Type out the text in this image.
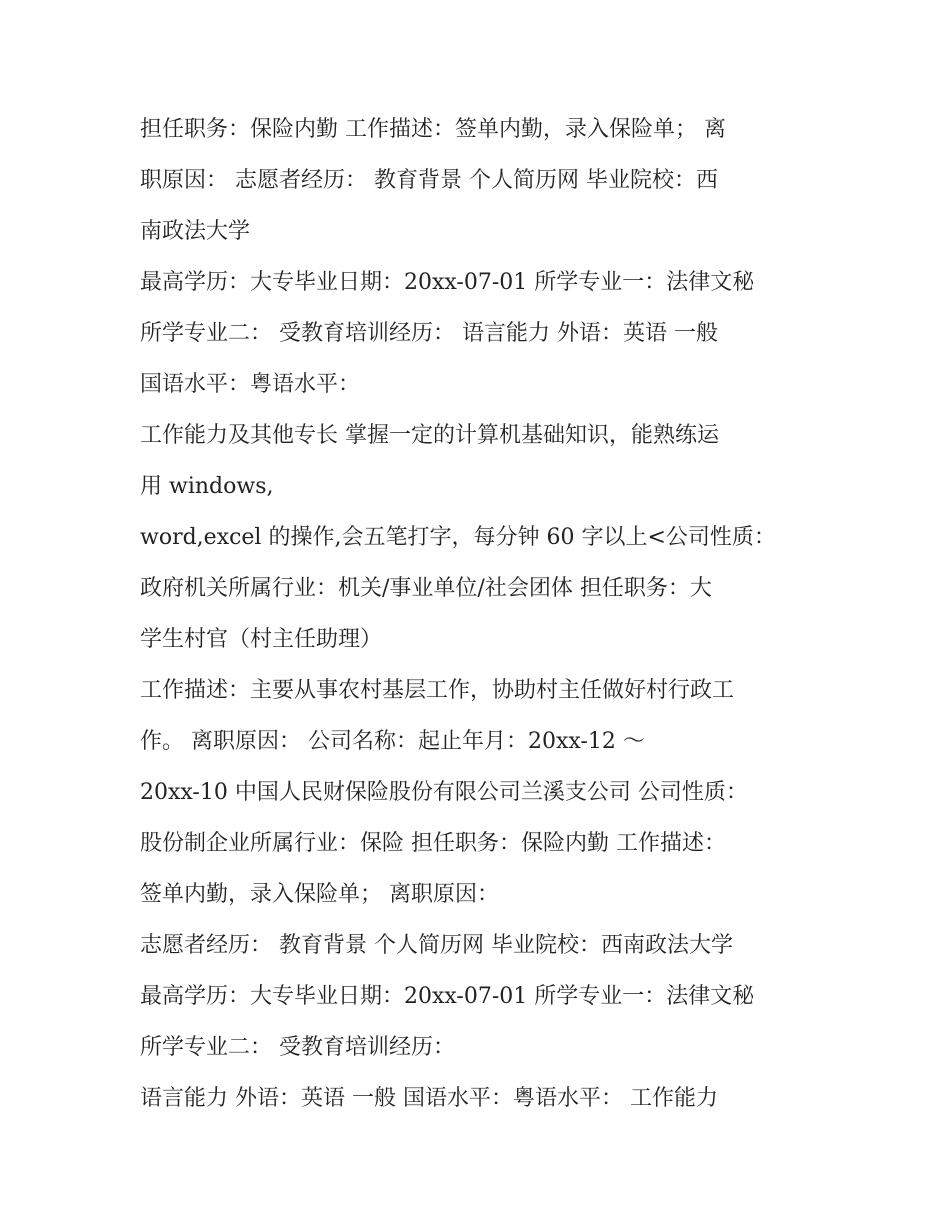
担任职务：保险内勤 工作描述：签单内勤，录入保险单； 离
职原因： 志愿者经历： 教育背景 个人简历网 毕业院校：西
南政法大学
最高学历：大专毕业日期：20xx-07-01 所学专业一：法律文秘
所学专业二： 受教育培训经历： 语言能力 外语：英语 一般
国语水平：粤语水平：
工作能力及其他专长 掌握一定的计算机基础知识，能熟练运
用 windows,
word,excel 的操作,会五笔打字，每分钟 60 字以上<公司性质：
政府机关所属行业：机关/事业单位/社会团体 担任职务：大
学生村官（村主任助理）
工作描述：主要从事农村基层工作，协助村主任做好村行政工
作。 离职原因： 公司名称：起止年月：20xx-12 ～
20xx-10 中国人民财保险股份有限公司兰溪支公司 公司性质：
股份制企业所属行业：保险 担任职务：保险内勤 工作描述：
签单内勤，录入保险单； 离职原因：
志愿者经历： 教育背景 个人简历网 毕业院校：西南政法大学
最高学历：大专毕业日期：20xx-07-01 所学专业一：法律文秘
所学专业二： 受教育培训经历：
语言能力 外语：英语 一般 国语水平：粤语水平： 工作能力
